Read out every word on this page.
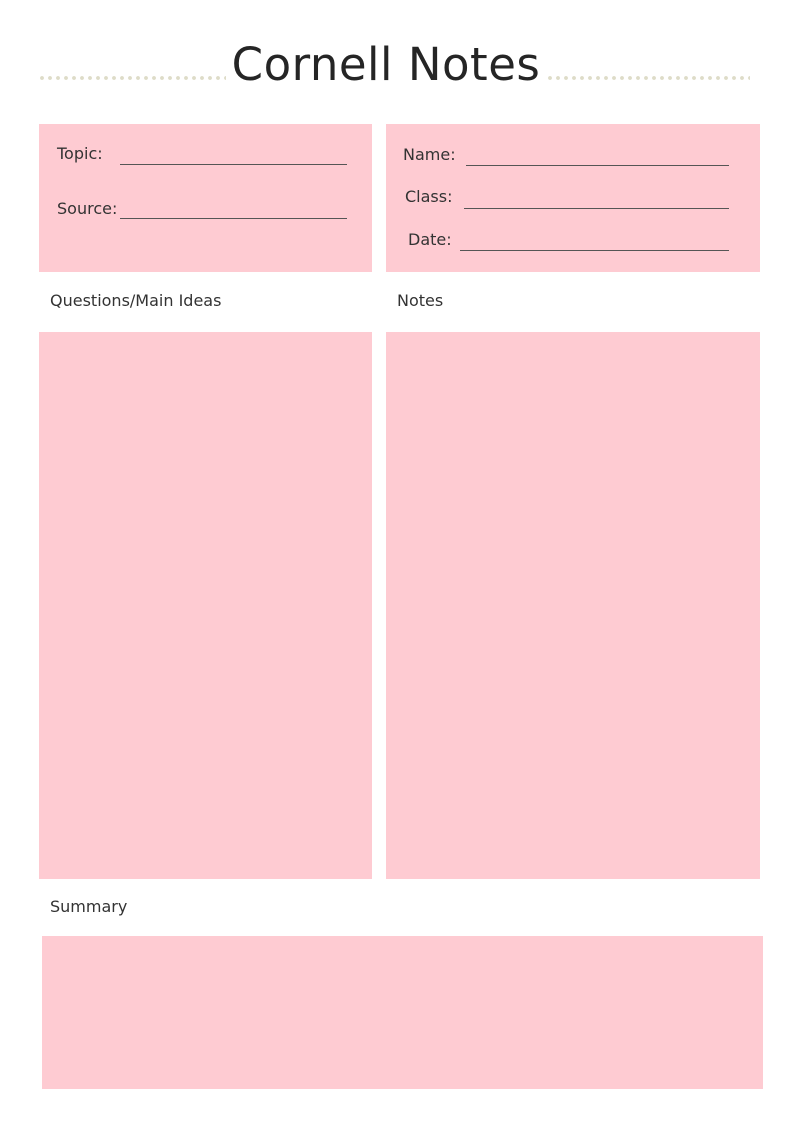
Cornell Notes
Topic:
Source:
Name:
Class:
Date:
Questions/Main Ideas	Notes
Summary
